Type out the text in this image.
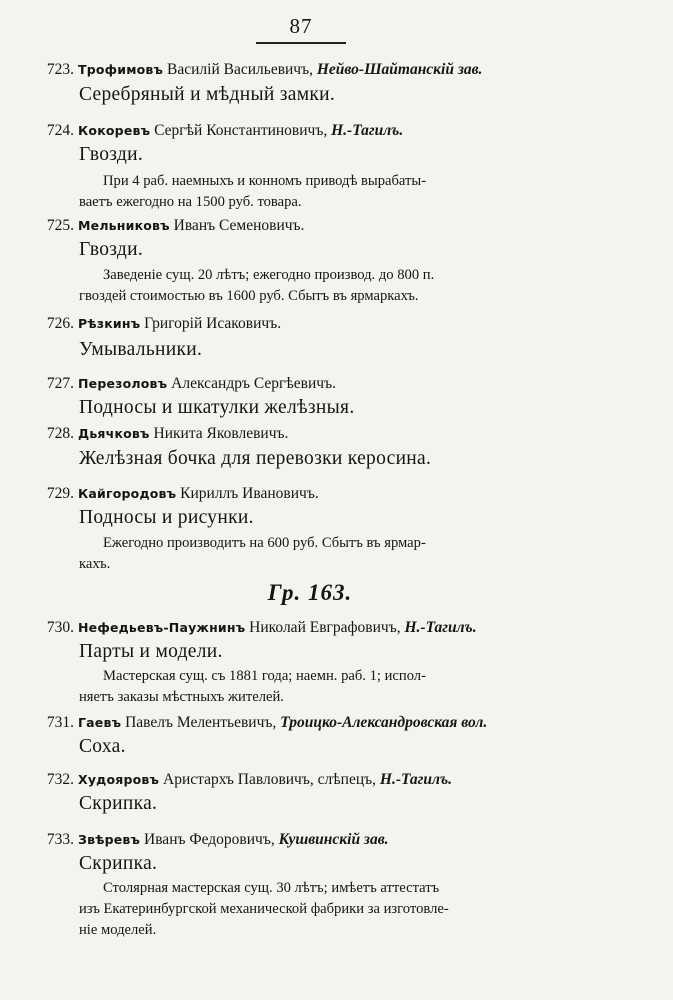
87
723. Трофимовъ Василій Васильевичъ, Нейво-Шайтанскій зав.
Серебряный и мѣдный замки.
724. Кокоревъ Сергѣй Константиновичъ, Н.-Тагилъ.
Гвозди.
При 4 раб. наемныхъ и конномъ приводѣ вырабаты-
ваетъ ежегодно на 1500 руб. товара.
725. Мельниковъ Иванъ Семеновичъ.
Гвозди.
Заведеніе сущ. 20 лѣтъ; ежегодно производ. до 800 п.
гвоздей стоимостью въ 1600 руб. Сбытъ въ ярмаркахъ.
726. Рѣзкинъ Григорій Исаковичъ.
Умывальники.
727. Перезоловъ Александръ Сергѣевичъ.
Подносы и шкатулки желѣзныя.
728. Дьячковъ Никита Яковлевичъ.
Желѣзная бочка для перевозки керосина.
729. Кайгородовъ Кириллъ Ивановичъ.
Подносы и рисунки.
Ежегодно производитъ на 600 руб. Сбытъ въ ярмар-
кахъ.
Гр. 163.
730. Нефедьевъ-Паужнинъ Николай Евграфовичъ, Н.-Тагилъ.
Парты и модели.
Мастерская сущ. съ 1881 года; наемн. раб. 1; испол-
няетъ заказы мѣстныхъ жителей.
731. Гаевъ Павелъ Мелентьевичъ, Троицко-Александровская вол.
Соха.
732. Худояровъ Аристархъ Павловичъ, слѣпецъ, Н.-Тагилъ.
Скрипка.
733. Звѣревъ Иванъ Федоровичъ, Кушвинскій зав.
Скрипка.
Столярная мастерская сущ. 30 лѣтъ; имѣетъ аттестатъ
изъ Екатеринбургской механической фабрики за изготовле-
ніе моделей.
